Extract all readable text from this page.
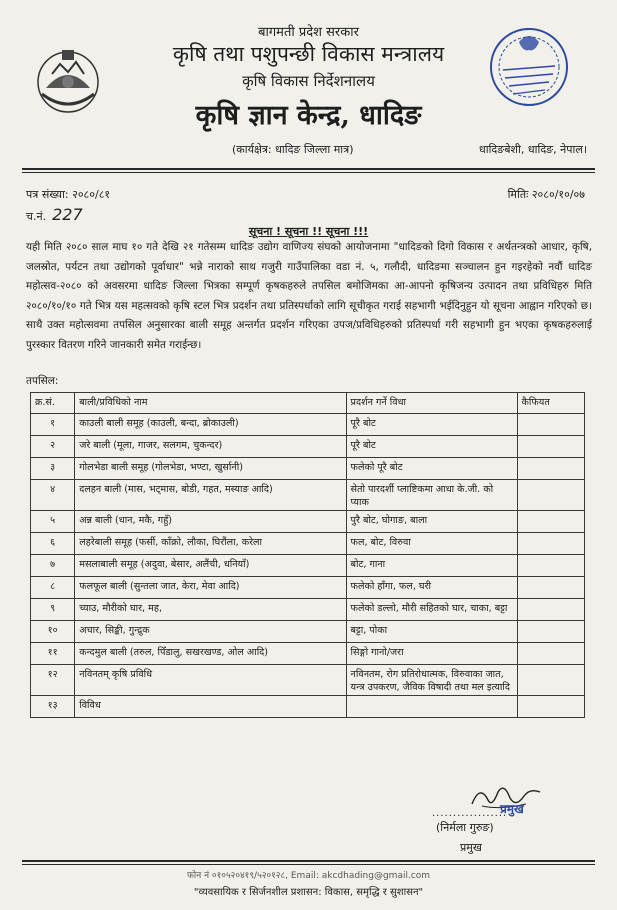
बागमती प्रदेश सरकार
कृषि तथा पशुपन्छी विकास मन्त्रालय
कृषि विकास निर्देशनालय
कृषि ज्ञान केन्द्र, धादिङ
(कार्यक्षेत्र: धादिङ जिल्ला मात्र)	धादिङबेशी, धादिङ, नेपाल।
पत्र संख्या: २०८०/८१	मितिः २०८०/१०/०७
च.नं. 227
सूचना ! सूचना !! सूचना !!!
यही मिति २०८० साल माघ १० गते देखि २१ गतेसम्म धादिङ उद्योग वाणिज्य संघको आयोजनामा "धादिङको दिगो विकास र अर्थतन्त्रको आधार, कृषि, जलस्रोत, पर्यटन तथा उद्योगको पूर्वाधार" भन्ने नाराको साथ गजुरी गाउँपालिका वडा नं. ५, गलौदी, धादिङमा सञ्चालन हुन गइरहेको नवौं धादिङ महोत्सव-२०८० को अवसरमा धादिङ जिल्ला भित्रका सम्पूर्ण कृषकहरुले तपसिल बमोजिमका आ-आपनो कृषिजन्य उत्पादन तथा प्रविधिहरु मिति २०८०/१०/१० गते भित्र यस महत्सवको कृषि स्टल भित्र प्रदर्शन तथा प्रतिस्पर्धाको लागि सूचीकृत गराई सहभागी भईदिनुहुन यो सूचना आह्वान गरिएको छ। साथै उक्त महोत्सवमा तपसिल अनुसारका बाली समूह अन्तर्गत प्रदर्शन गरिएका उपज/प्रविधिहरुको प्रतिस्पर्धा गरी सहभागी हुन भएका कृषकहरुलाई पुरस्कार वितरण गरिने जानकारी समेत गराईन्छ।
तपसिल:
क्र.सं.	बाली/प्रविधिको नाम	प्रदर्शन गर्ने विधा	कैफियत
१	काउली बाली समूह (काउली, बन्दा, ब्रोकाउली)	पूरै बोट	
२	जरे बाली (मूला, गाजर, सलगम, चुकन्दर)	पूरै बोट	
३	गोलभेडा बाली समूह (गोलभेडा, भण्टा, खुर्सानी)	फलेको पूरै बोट	
४	दलहन बाली (मास, भट्मास, बोडी, गहत, मस्याङ आदि)	सेतो पारदर्शी प्लाष्टिकमा आधा के.जी. को प्याक	
५	अन्न बाली (धान, मकै, गहुँ)	पुरै बोट, घोगाङ, बाला	
६	लहरेबाली समूह (फर्सी, काँक्रो, लौका, घिरौंला, करेला	फल, बोट, विरुवा	
७	मसलाबाली समूह (अदुवा, बेसार, अलैंची, धनियाँ)	बोट, गाना	
८	फलफूल बाली (सुन्तला जात, केरा, मेवा आदि)	फलेको हाँगा, फल, घरी	
९	च्याउ, मौरीको घार, मह,	फलेको डल्लो, मौरी सहितको घार, चाका, बट्टा	
१०	अचार, सिङ्की, गुन्द्रुक	बट्टा, पोका	
११	कन्दमुल बाली (तरुल, पिँडालु, सखरखण्ड, ओल आदि)	सिङ्गो गानो/जरा	
१२	नविनतम् कृषि प्रविधि	नविनतम, रोग प्रतिरोधात्मक, विरुवाका जात, यन्त्र उपकरण, जैविक विषादी तथा मल इत्यादि	
१३	विविध		
..................
प्रमुख
(निर्मला गुरुङ)
प्रमुख
फोन नं ०१०५२०४१९/५२०१२८, Email: akcdhading@gmail.com
"व्यवसायिक र सिर्जनशील प्रशासन: विकास, समृद्धि र सुशासन"
